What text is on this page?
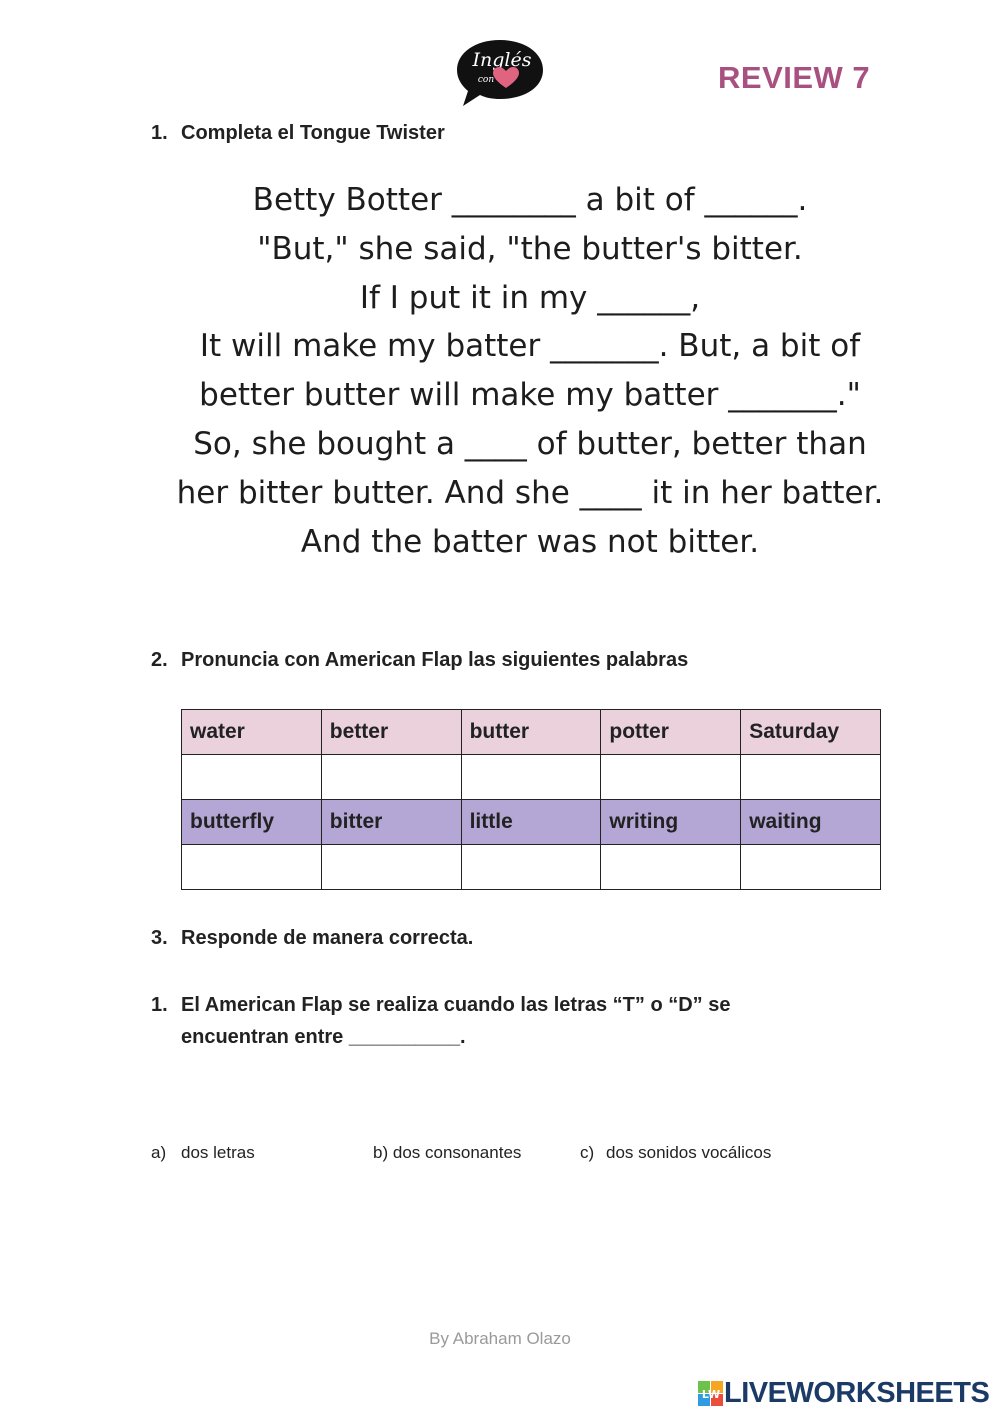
Inglés
con	REVIEW 7
1. Completa el Tongue Twister
Betty Botter ________ a bit of ______.
"But," she said, "the butter's bitter.
If I put it in my ______,
It will make my batter _______. But, a bit of
better butter will make my batter _______."
So, she bought a ____ of butter, better than
her bitter butter. And she ____ it in her batter.
And the batter was not bitter.
2. Pronuncia con American Flap las siguientes palabras
water	better	butter	potter	Saturday

butterfly	bitter	little	writing	waiting

3. Responde de manera correcta.
1. El American Flap se realiza cuando las letras “T” o “D” se
encuentran entre __________.
a) dos letras	b) dos consonantes	c) dos sonidos vocálicos
By Abraham Olazo
LW LIVEWORKSHEETS
